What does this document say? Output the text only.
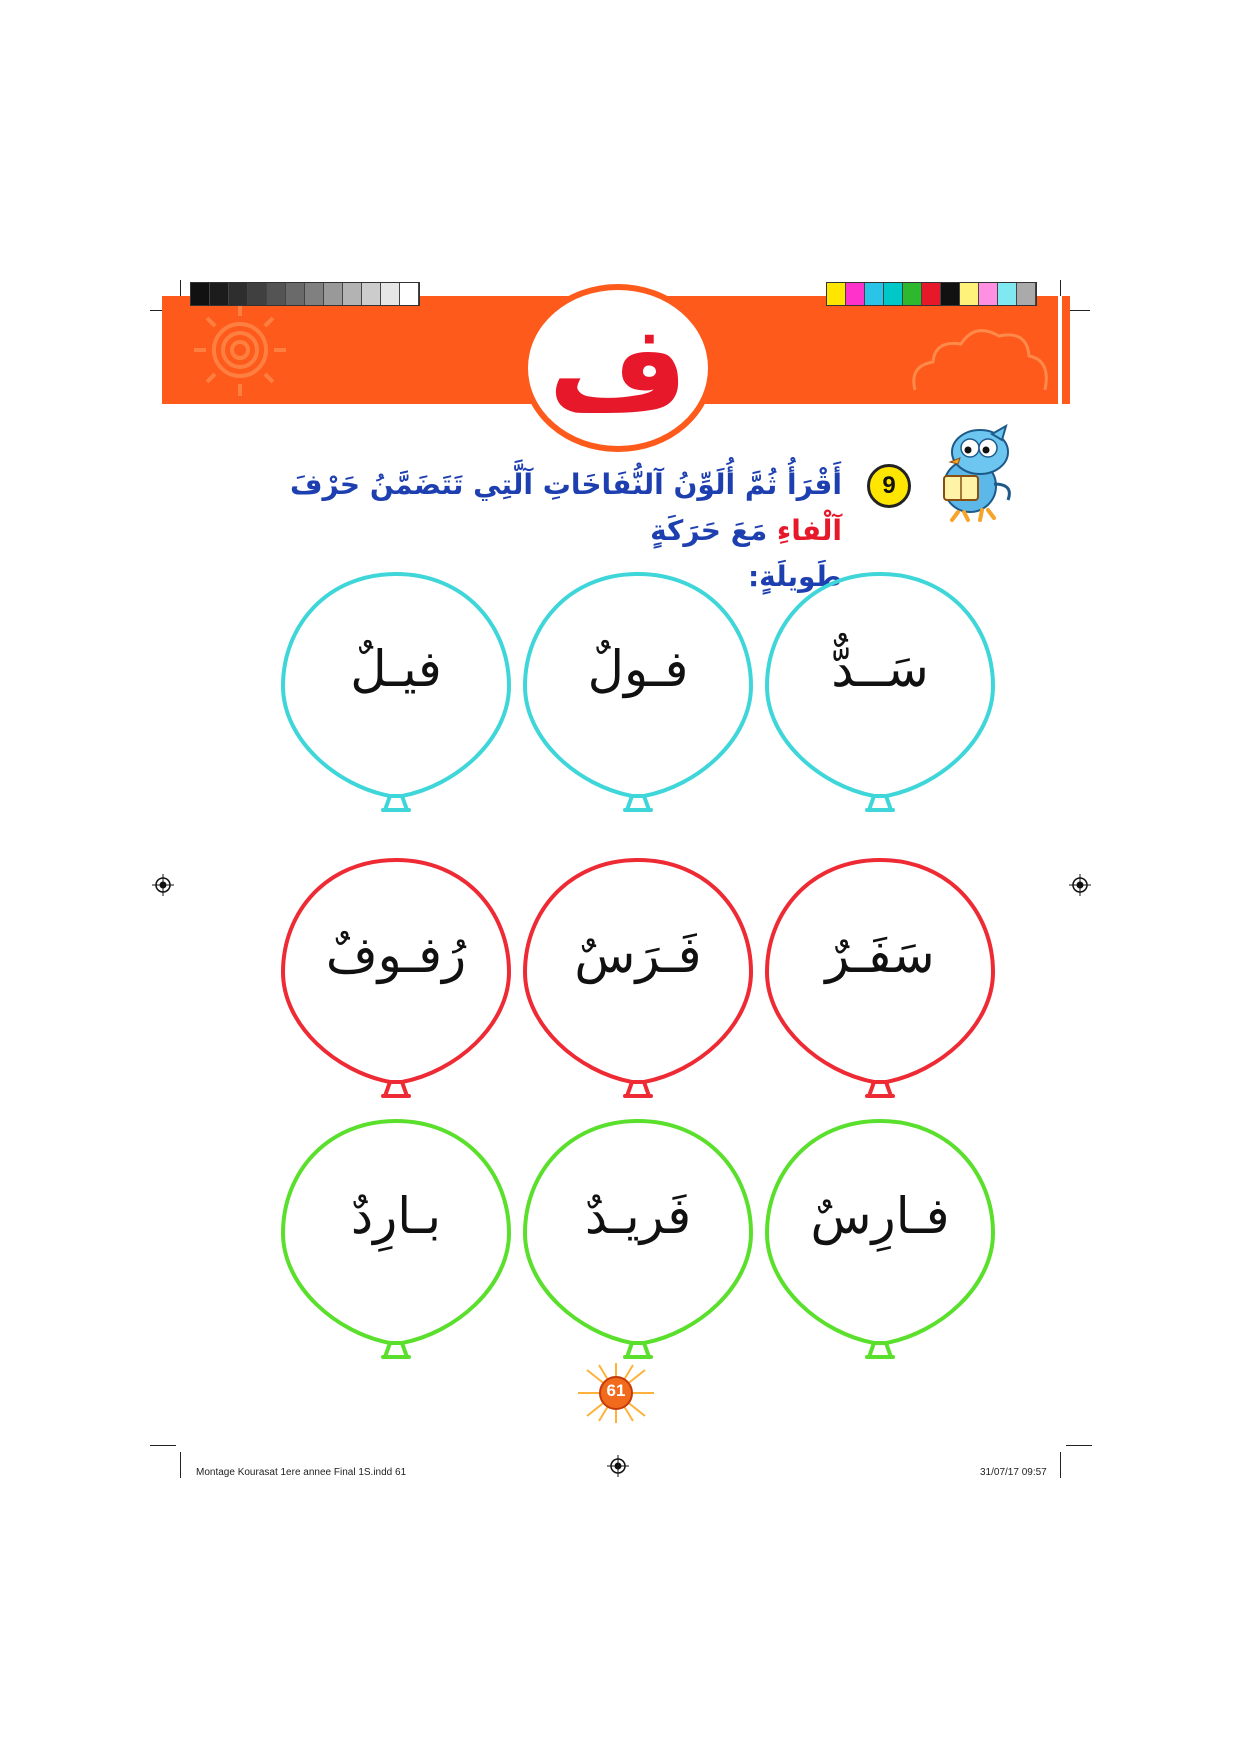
ف
9
أَقْرَأُ ثُمَّ أُلَوِّنُ آلنُّفَاخَاتِ آلَّتِي تَتَضَمَّنُ حَرْفَ آلْفاءِ مَعَ حَرَكَةٍ
طَويلَةٍ:
سَــدٌّ
فـولٌ
فيـلٌ
سَفَـرٌ
فَـرَسٌ
رُفـوفٌ
فـارِسٌ
فَريـدٌ
بـارِدٌ
61
Montage Kourasat 1ere annee Final 1S.indd 61	31/07/17 09:57
